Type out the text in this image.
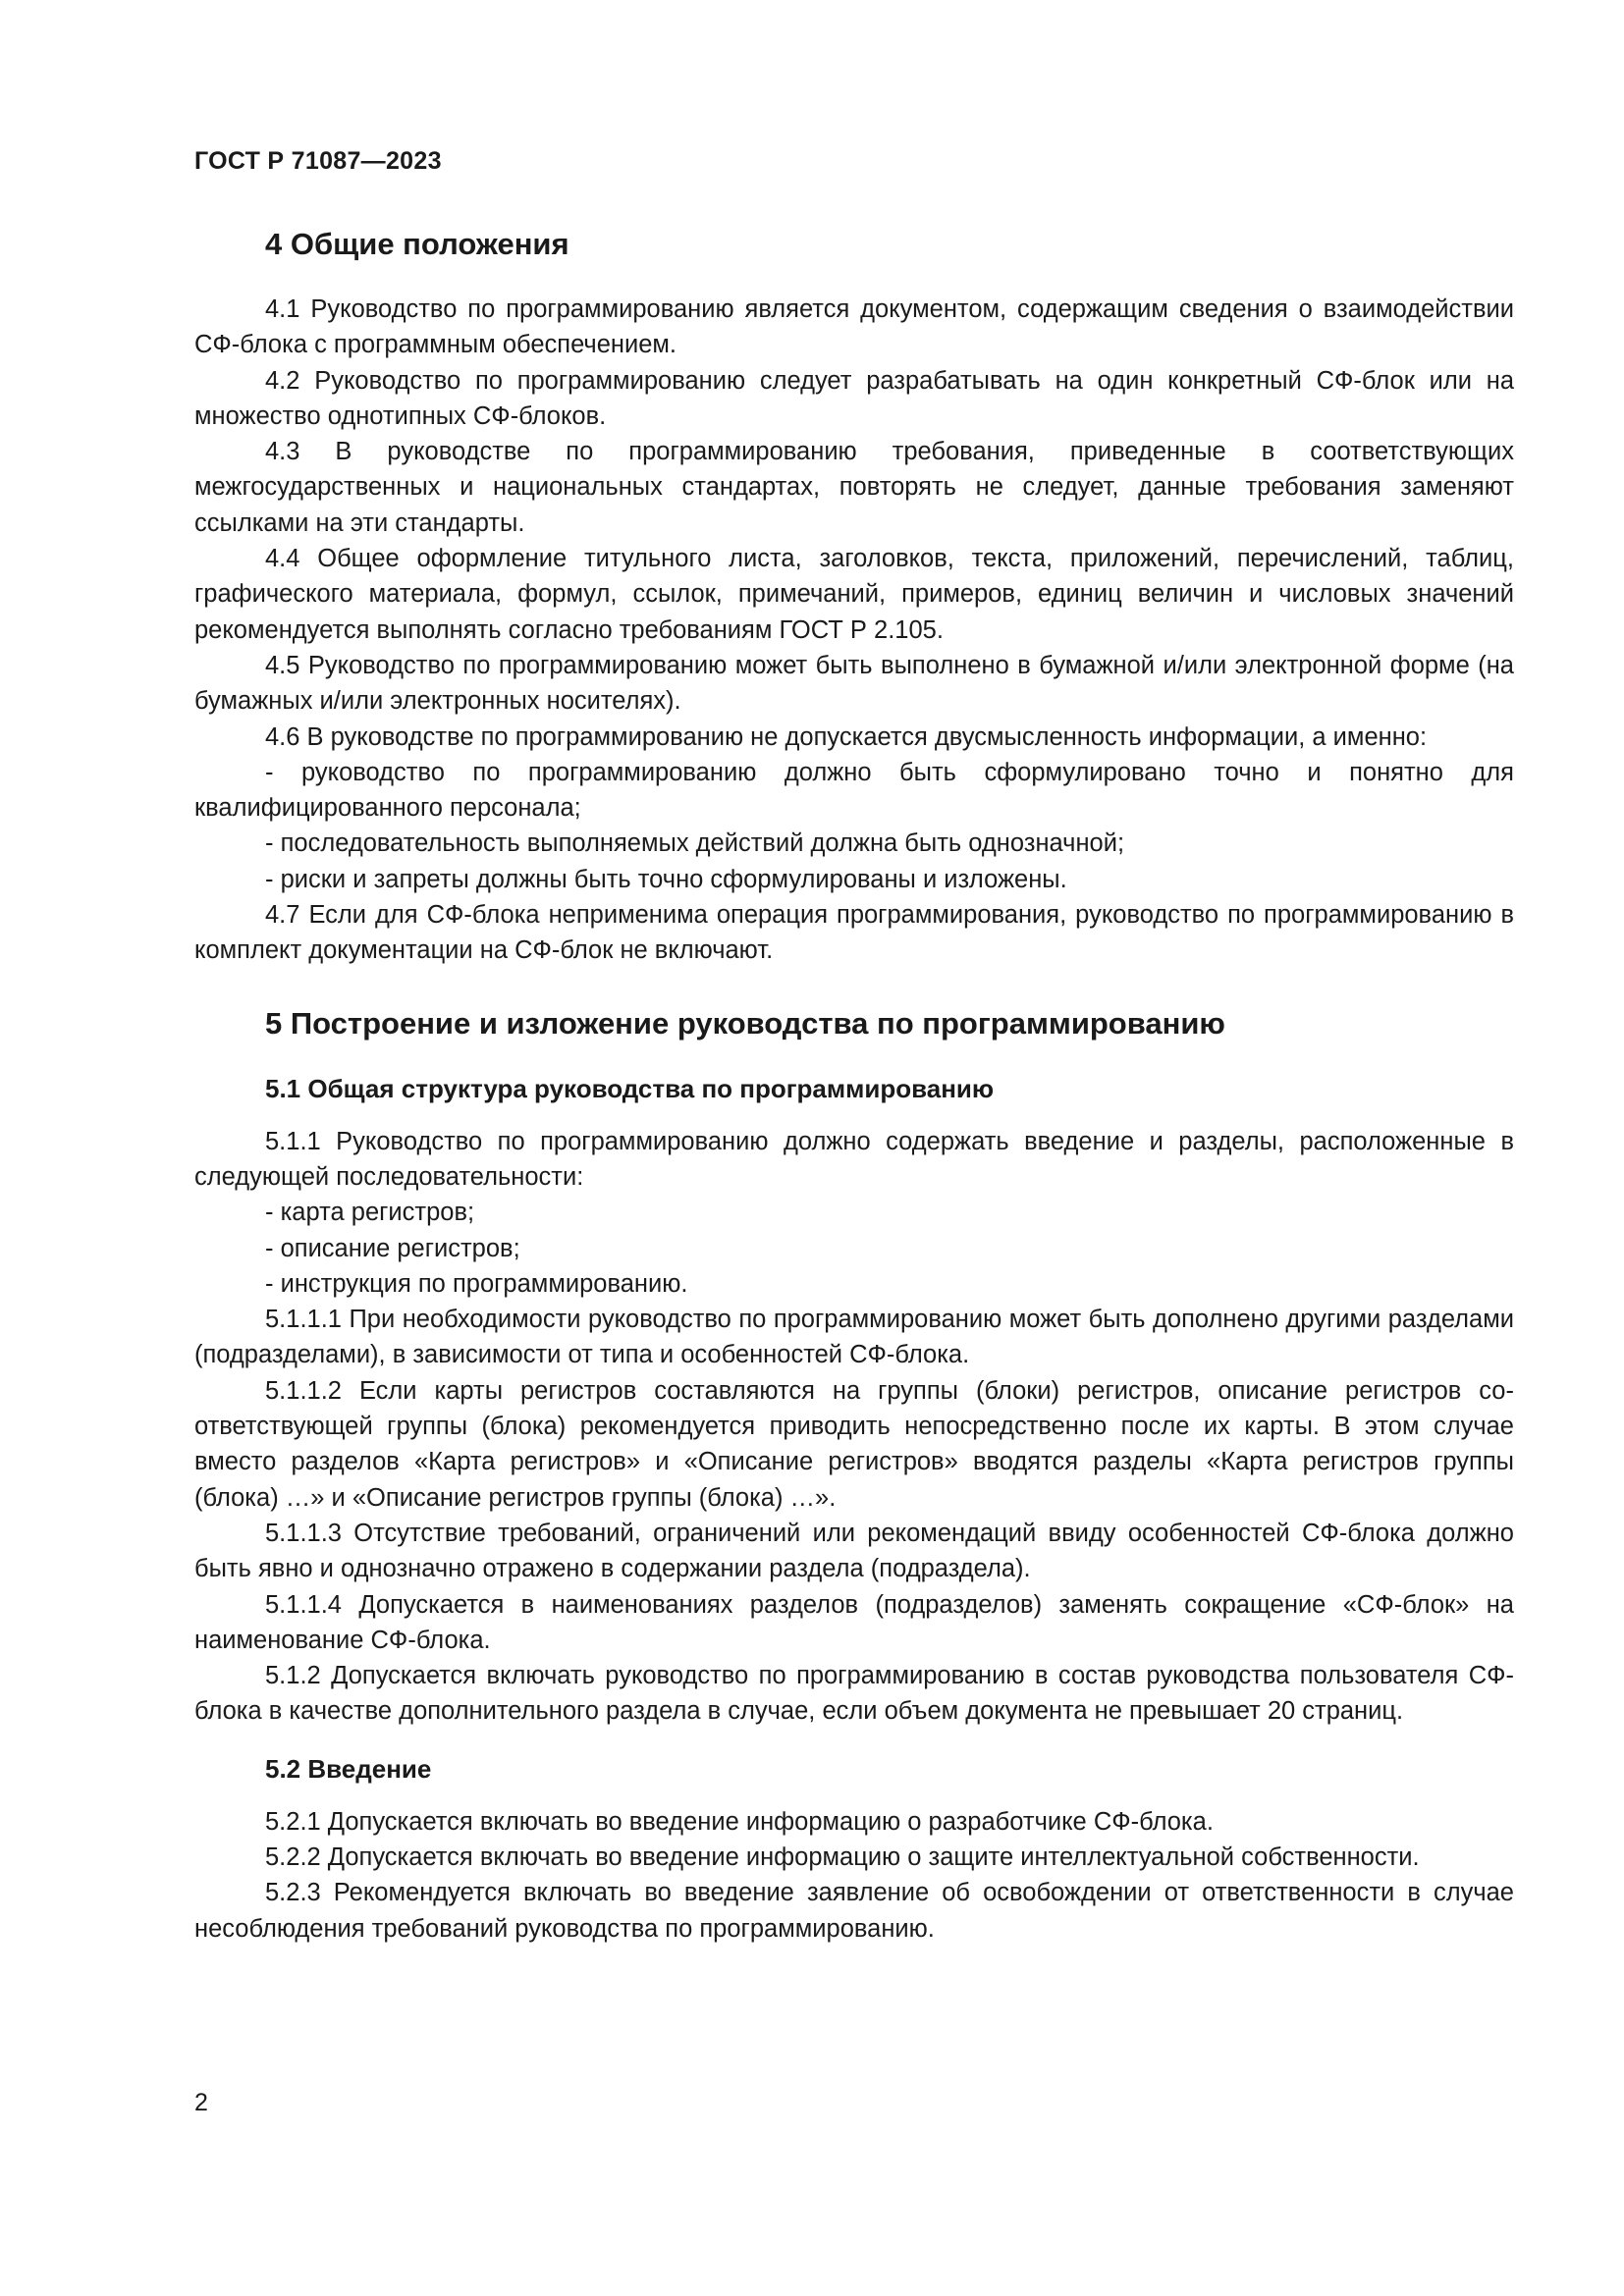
ГОСТ Р 71087—2023
4 Общие положения

4.1 Руководство по программированию является документом, содержащим сведения о взаимодействии СФ-блока с программным обеспечением.

4.2 Руководство по программированию следует разрабатывать на один конкретный СФ-блок или на множество однотипных СФ-блоков.

4.3 В руководстве по программированию требования, приведенные в соответствующих межгосударственных и национальных стандартах, повторять не следует, данные требования заменяют ссылками на эти стандарты.

4.4 Общее оформление титульного листа, заголовков, текста, приложений, перечислений, таблиц, графического материала, формул, ссылок, примечаний, примеров, единиц величин и числовых значений рекомендуется выполнять согласно требованиям ГОСТ Р 2.105.

4.5 Руководство по программированию может быть выполнено в бумажной и/или электронной форме (на бумажных и/или электронных носителях).

4.6 В руководстве по программированию не допускается двусмысленность информации, а именно:

- руководство по программированию должно быть сформулировано точно и понятно для квалифицированного персонала;

- последовательность выполняемых действий должна быть однозначной;

- риски и запреты должны быть точно сформулированы и изложены.

4.7 Если для СФ-блока неприменима операция программирования, руководство по программированию в комплект документации на СФ-блок не включают.

5 Построение и изложение руководства по программированию
5.1 Общая структура руководства по программированию

5.1.1 Руководство по программированию должно содержать введение и разделы, расположенные в следующей последовательности:

- карта регистров;

- описание регистров;

- инструкция по программированию.

5.1.1.1 При необходимости руководство по программированию может быть дополнено другими разделами (подразделами), в зависимости от типа и особенностей СФ-блока.

5.1.1.2 Если карты регистров составляются на группы (блоки) регистров, описание регистров соответствующей группы (блока) рекомендуется приводить непосредственно после их карты. В этом случае вместо разделов «Карта регистров» и «Описание регистров» вводятся разделы «Карта регистров группы (блока) …» и «Описание регистров группы (блока) …».

5.1.1.3 Отсутствие требований, ограничений или рекомендаций ввиду особенностей СФ-блока должно быть явно и однозначно отражено в содержании раздела (подраздела).

5.1.1.4 Допускается в наименованиях разделов (подразделов) заменять сокращение «СФ-блок» на наименование СФ-блока.

5.1.2 Допускается включать руководство по программированию в состав руководства пользователя СФ-блока в качестве дополнительного раздела в случае, если объем документа не превышает 20 страниц.

5.2 Введение

5.2.1 Допускается включать во введение информацию о разработчике СФ-блока.

5.2.2 Допускается включать во введение информацию о защите интеллектуальной собственности.

5.2.3 Рекомендуется включать во введение заявление об освобождении от ответственности в случае несоблюдения требований руководства по программированию.

2
